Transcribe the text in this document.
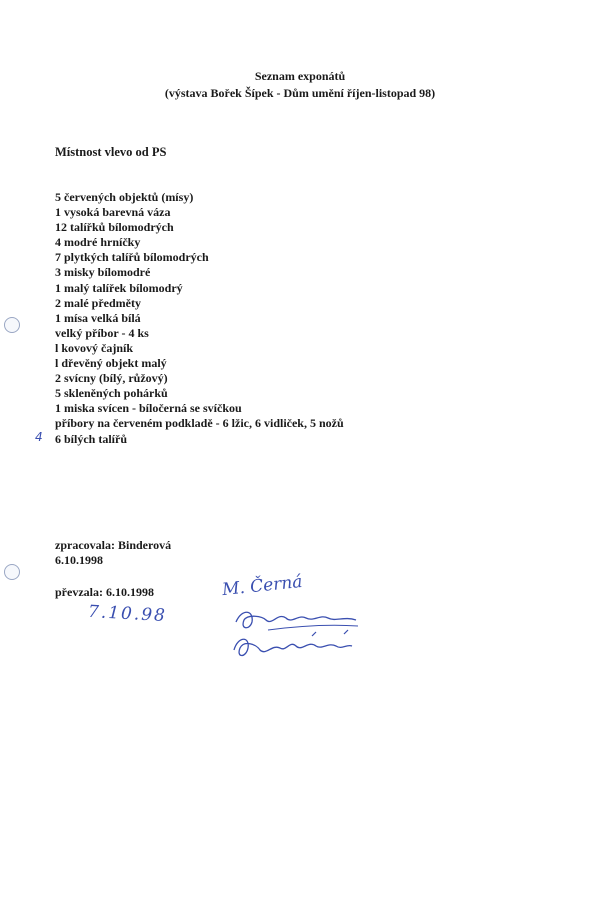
Seznam exponátů
(výstava Bořek Šípek - Dům umění říjen-listopad 98)
Místnost vlevo od PS
5 červených objektů (mísy)
1 vysoká barevná váza
12 talířků bílomodrých
4 modré hrníčky
7 plytkých talířů bílomodrých
3 misky bílomodré
1 malý talířek bílomodrý
2 malé předměty
1 mísa velká bílá
velký příbor - 4 ks
l kovový čajník
l dřevěný objekt malý
2 svícny (bílý, růžový)
5 skleněných pohárků
1 miska svícen - bíločerná se svíčkou
příbory na červeném podkladě - 6 lžic, 6 vidliček, 5 nožů
6 bílých talířů
4
zpracovala: Binderová
6.10.1998
převzala: 6.10.1998
7.10.98
M. Černá
